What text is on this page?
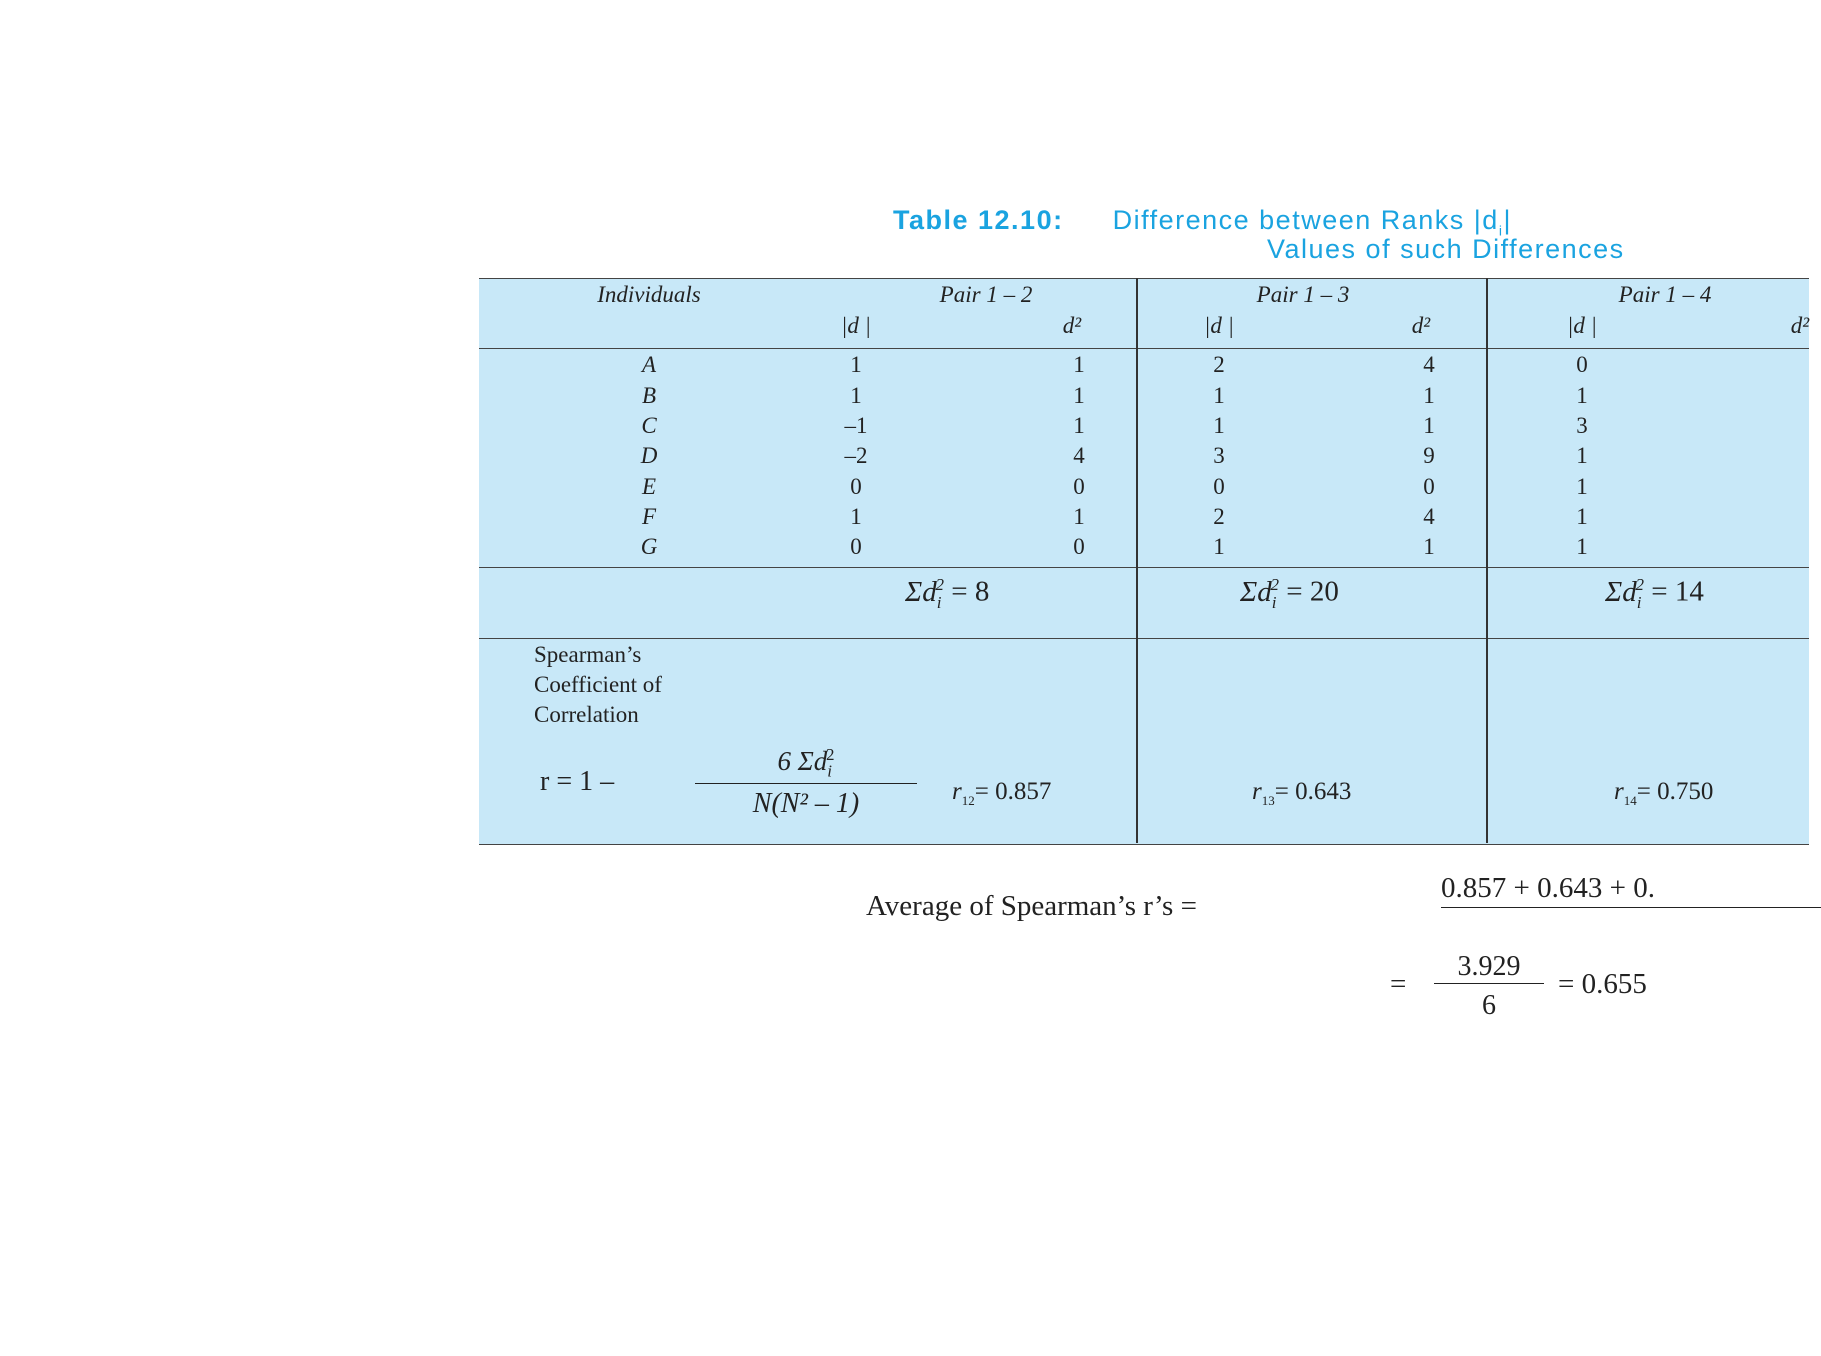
Table 12.10: Difference between Ranks $|d_i|$
Values of such Differences
Individuals	Pair 1 – 2	Pair 1 – 3	Pair 1 – 4
|d |	d²	|d |	d²	|d |	d²
A	1	1	2	4	0
B	1	1	1	1	1
C	–1	1	1	1	3
D	–2	4	3	9	1
E	0	0	0	0	1
F	1	1	2	4	1
G	0	0	1	1	1
$\Sigma d_i^2 = 8$	$\Sigma d_i^2 = 20$	$\Sigma d_i^2 = 14$
Spearman’s
Coefficient of
Correlation
r = 1 –
6 $\Sigma d_i^2$
N(N² – 1)	$r_{12}= 0.857$	$r_{13}= 0.643$	$r_{14}= 0.750$
Average of Spearman’s r’s =
0.857 + 0.643 + 0.
=
3.929
6
= 0.655
